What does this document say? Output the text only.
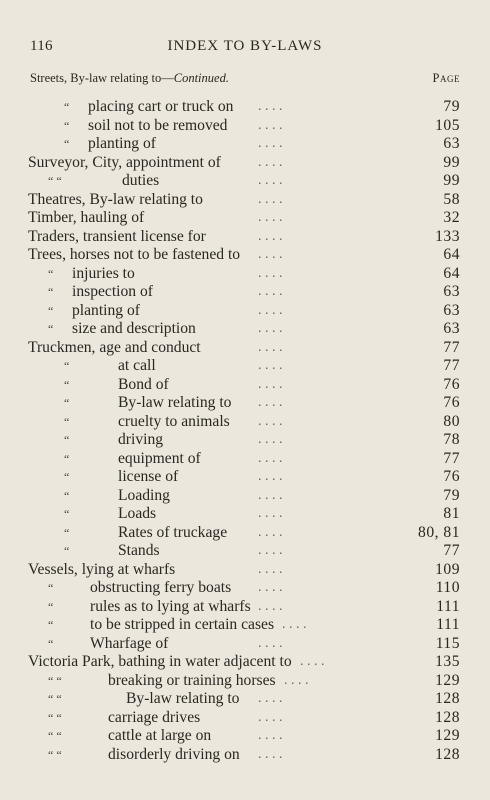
116	INDEX TO BY-LAWS
Streets, By-law relating to—Continued.	Page
“ placing cart or truck on . . . .	79
“ soil not to be removed . . . .	105
“ planting of	. . . .	63
Surveyor, City, appointment of	. . . .	99
“ “	duties	. . . .	99
Theatres, By-law relating to	. . . .	58
Timber, hauling of	. . . .	32
Traders, transient license for	. . . .	133
Trees, horses not to be fastened to . . . .	64
“ injuries to	. . . .	64
“ inspection of	. . . .	63
“ planting of	. . . .	63
“ size and description	. . . .	63
Truckmen, age and conduct	. . . .	77
“	at call	. . . .	77
“	Bond of	. . . .	76
“	By-law relating to . . . .	76
“	cruelty to animals . . . .	80
“	driving	. . . .	78
“	equipment of	. . . .	77
“	license of	. . . .	76
“	Loading	. . . .	79
“	Loads	. . . .	81
“	Rates of truckage . . . .	80, 81
“	Stands	. . . .	77
Vessels, lying at wharfs	. . . .	109
“ obstructing ferry boats . . . .	110
“ rules as to lying at wharfs . . . .	111
“ to be stripped in certain cases . . . .	111
“ Wharfage of	. . . .	115
Victoria Park, bathing in water adjacent to . . . .	135
“ “	breaking or training horses . . . .	129
“ “	By-law relating to . . . .	128
“ “	carriage drives	. . . .	128
“ “	cattle at large on	. . . .	129
“ “	disorderly driving on . . . .	128
